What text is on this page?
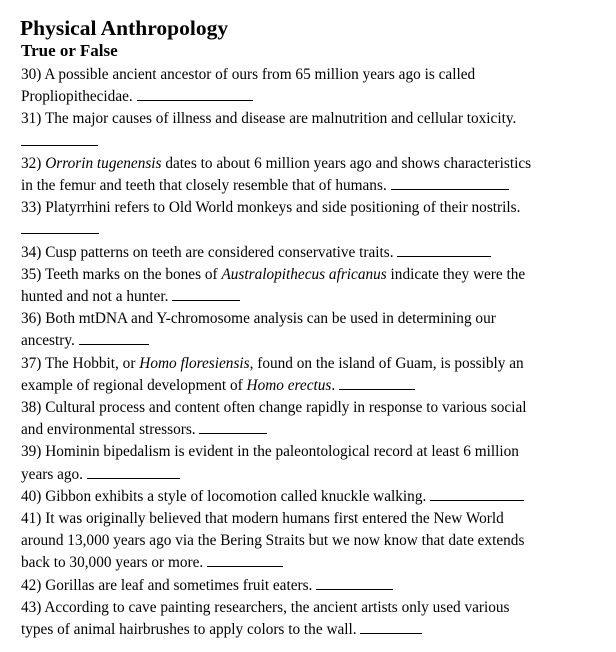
Physical Anthropology
True or False
30) A possible ancient ancestor of ours from 65 million years ago is called
Propliopithecidae.
31) The major causes of illness and disease are malnutrition and cellular toxicity.
32) Orrorin tugenensis dates to about 6 million years ago and shows characteristics
in the femur and teeth that closely resemble that of humans.
33) Platyrrhini refers to Old World monkeys and side positioning of their nostrils.
34) Cusp patterns on teeth are considered conservative traits.
35) Teeth marks on the bones of Australopithecus africanus indicate they were the
hunted and not a hunter.
36) Both mtDNA and Y-chromosome analysis can be used in determining our
ancestry.
37) The Hobbit, or Homo floresiensis, found on the island of Guam, is possibly an
example of regional development of Homo erectus.
38) Cultural process and content often change rapidly in response to various social
and environmental stressors.
39) Hominin bipedalism is evident in the paleontological record at least 6 million
years ago.
40) Gibbon exhibits a style of locomotion called knuckle walking.
41) It was originally believed that modern humans first entered the New World
around 13,000 years ago via the Bering Straits but we now know that date extends
back to 30,000 years or more.
42) Gorillas are leaf and sometimes fruit eaters.
43) According to cave painting researchers, the ancient artists only used various
types of animal hairbrushes to apply colors to the wall.
